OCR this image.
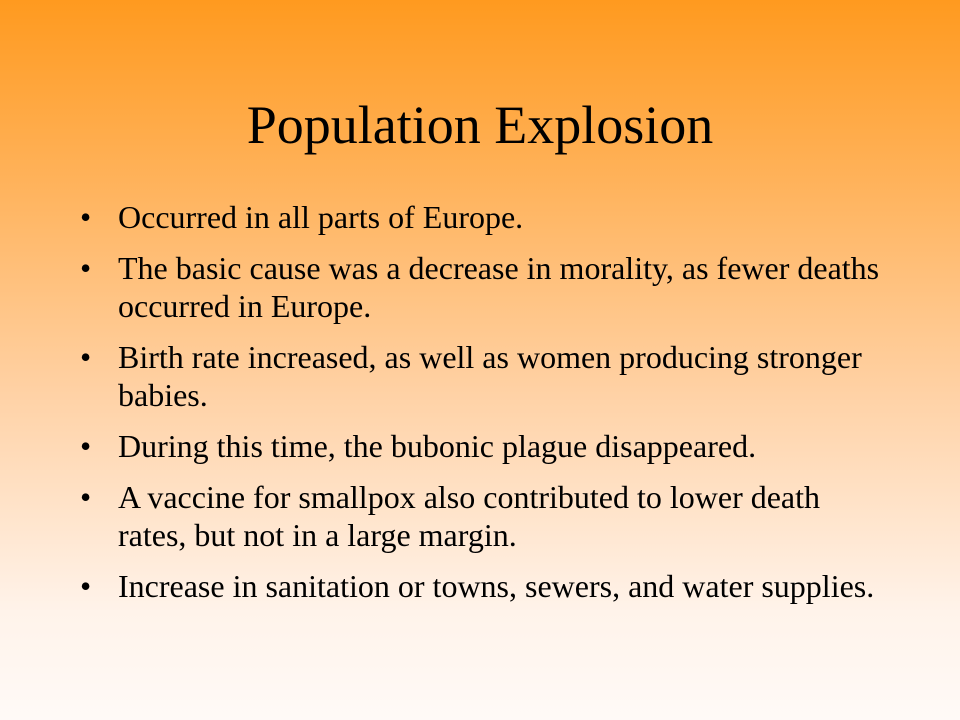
Population Explosion
• Occurred in all parts of Europe.
• The basic cause was a decrease in morality, as fewer deaths occurred in Europe.
• Birth rate increased, as well as women producing stronger babies.
• During this time, the bubonic plague disappeared.
• A vaccine for smallpox also contributed to lower death rates, but not in a large margin.
• Increase in sanitation or towns, sewers, and water supplies.
